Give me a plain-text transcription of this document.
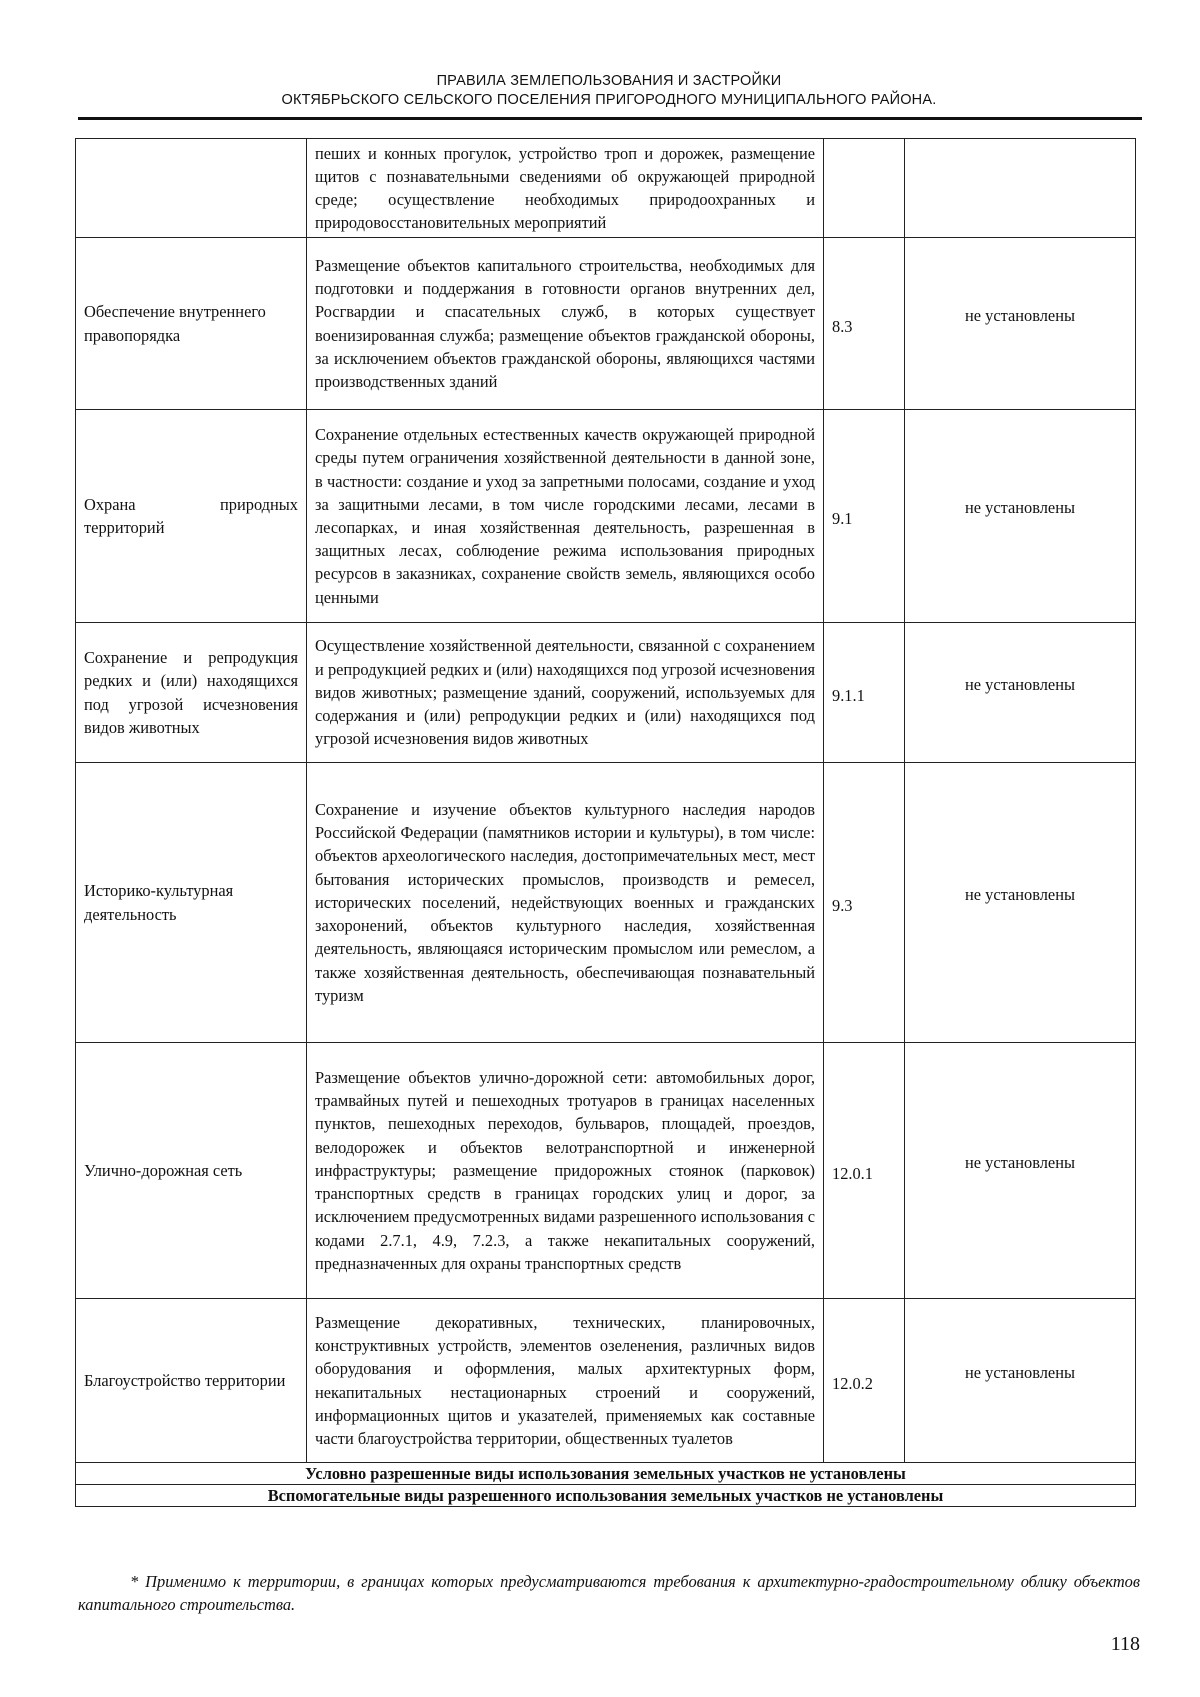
ПРАВИЛА ЗЕМЛЕПОЛЬЗОВАНИЯ И ЗАСТРОЙКИ
ОКТЯБРЬСКОГО СЕЛЬСКОГО ПОСЕЛЕНИЯ ПРИГОРОДНОГО МУНИЦИПАЛЬНОГО РАЙОНА.
	пеших и конных прогулок, устройство троп и дорожек, размещение щитов с познавательными сведениями об окружающей природной среде; осуществление необходимых природоохранных и природовосстановительных мероприятий		
Обеспечение внутреннего правопорядка	Размещение объектов капитального строительства, необходимых для подготовки и поддержания в готовности органов внутренних дел, Росгвардии и спасательных служб, в которых существует военизированная служба; размещение объектов гражданской обороны, за исключением объектов гражданской обороны, являющихся частями производственных зданий	8.3	не установлены
Охрана природных территорий	Сохранение отдельных естественных качеств окружающей природной среды путем ограничения хозяйственной деятельности в данной зоне, в частности: создание и уход за запретными полосами, создание и уход за защитными лесами, в том числе городскими лесами, лесами в лесопарках, и иная хозяйственная деятельность, разрешенная в защитных лесах, соблюдение режима использования природных ресурсов в заказниках, сохранение свойств земель, являющихся особо ценными	9.1	не установлены
Сохранение и репродукция редких и (или) находящихся под угрозой исчезновения видов животных	Осуществление хозяйственной деятельности, связанной с сохранением и репродукцией редких и (или) находящихся под угрозой исчезновения видов животных; размещение зданий, сооружений, используемых для содержания и (или) репродукции редких и (или) находящихся под угрозой исчезновения видов животных	9.1.1	не установлены
Историко-культурная деятельность	Сохранение и изучение объектов культурного наследия народов Российской Федерации (памятников истории и культуры), в том числе: объектов археологического наследия, достопримечательных мест, мест бытования исторических промыслов, производств и ремесел, исторических поселений, недействующих военных и гражданских захоронений, объектов культурного наследия, хозяйственная деятельность, являющаяся историческим промыслом или ремеслом, а также хозяйственная деятельность, обеспечивающая познавательный туризм	9.3	не установлены
Улично-дорожная сеть	Размещение объектов улично-дорожной сети: автомобильных дорог, трамвайных путей и пешеходных тротуаров в границах населенных пунктов, пешеходных переходов, бульваров, площадей, проездов, велодорожек и объектов велотранспортной и инженерной инфраструктуры; размещение придорожных стоянок (парковок) транспортных средств в границах городских улиц и дорог, за исключением предусмотренных видами разрешенного использования с кодами 2.7.1, 4.9, 7.2.3, а также некапитальных сооружений, предназначенных для охраны транспортных средств	12.0.1	не установлены
Благоустройство территории	Размещение декоративных, технических, планировочных, конструктивных устройств, элементов озеленения, различных видов оборудования и оформления, малых архитектурных форм, некапитальных нестационарных строений и сооружений, информационных щитов и указателей, применяемых как составные части благоустройства территории, общественных туалетов	12.0.2	не установлены
Условно разрешенные виды использования земельных участков не установлены			
Вспомогательные виды разрешенного использования земельных участков не установлены			
* Применимо к территории, в границах которых предусматриваются требования к архитектурно-градостроительному облику объектов капитального строительства.
118
